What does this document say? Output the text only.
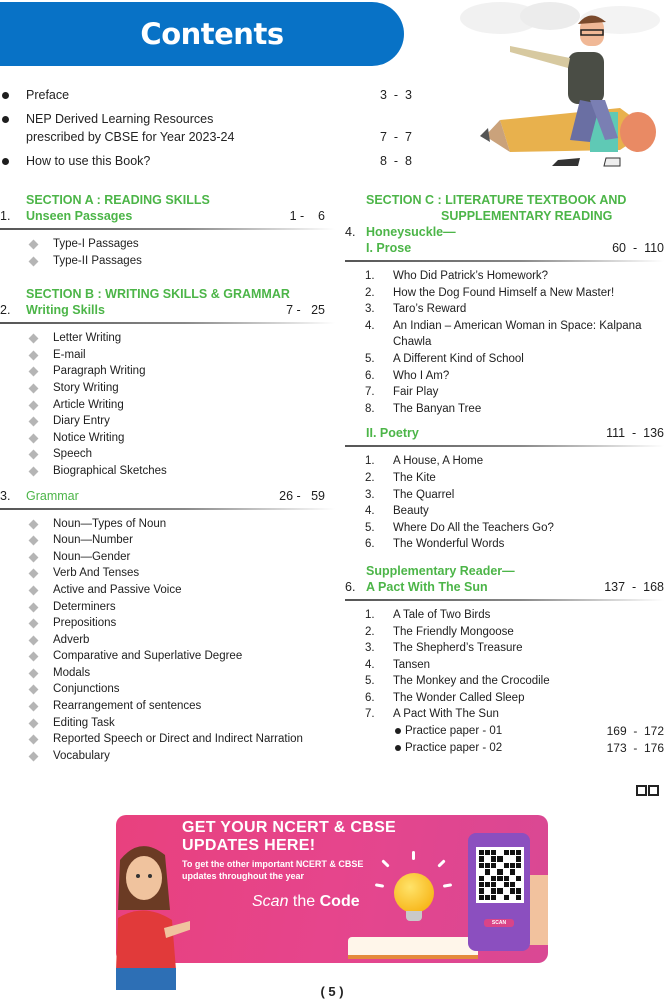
Contents
Preface	3  -  3
NEP Derived Learning Resources
prescribed by CBSE for Year 2023-24	7  -  7
How to use this Book?	8  -  8
SECTION A : READING SKILLS
1.	Unseen Passages	1 -    6
Type-I Passages
Type-II Passages
SECTION B : WRITING SKILLS & GRAMMAR
2.	Writing Skills	7 -   25
Letter Writing
E-mail
Paragraph Writing
Story Writing
Article Writing
Diary Entry
Notice Writing
Speech
Biographical Sketches
3.	Grammar	26 -   59
Noun—Types of Noun
Noun—Number
Noun—Gender
Verb And Tenses
Active and Passive Voice
Determiners
Prepositions
Adverb
Comparative and Superlative Degree
Modals
Conjunctions
Rearrangement of sentences
Editing Task
Reported Speech or Direct and Indirect Narration
Vocabulary
SECTION C : LITERATURE TEXTBOOK AND
SUPPLEMENTARY READING
4. Honeysuckle—
I. Prose	60  -  110
1. Who Did Patrick’s Homework?
2. How the Dog Found Himself a New Master!
3. Taro’s Reward
4. An Indian – American Woman in Space: Kalpana Chawla
5. A Different Kind of School
6. Who I Am?
7. Fair Play
8. The Banyan Tree
II. Poetry	111  -  136
1. A House, A Home
2. The Kite
3. The Quarrel
4. Beauty
5. Where Do All the Teachers Go?
6. The Wonderful Words
6.
Supplementary Reader—
A Pact With The Sun	137  -  168
1. A Tale of Two Birds
2. The Friendly Mongoose
3. The Shepherd’s Treasure
4. Tansen
5. The Monkey and the Crocodile
6. The Wonder Called Sleep
7. A Pact With The Sun
Practice paper - 01	169  -  172
Practice paper - 02	173  -  176
GET YOUR NCERT & CBSE
UPDATES HERE!
To get the other important NCERT & CBSE
updates throughout the year
Scan the Code
SCAN
( 5 )
